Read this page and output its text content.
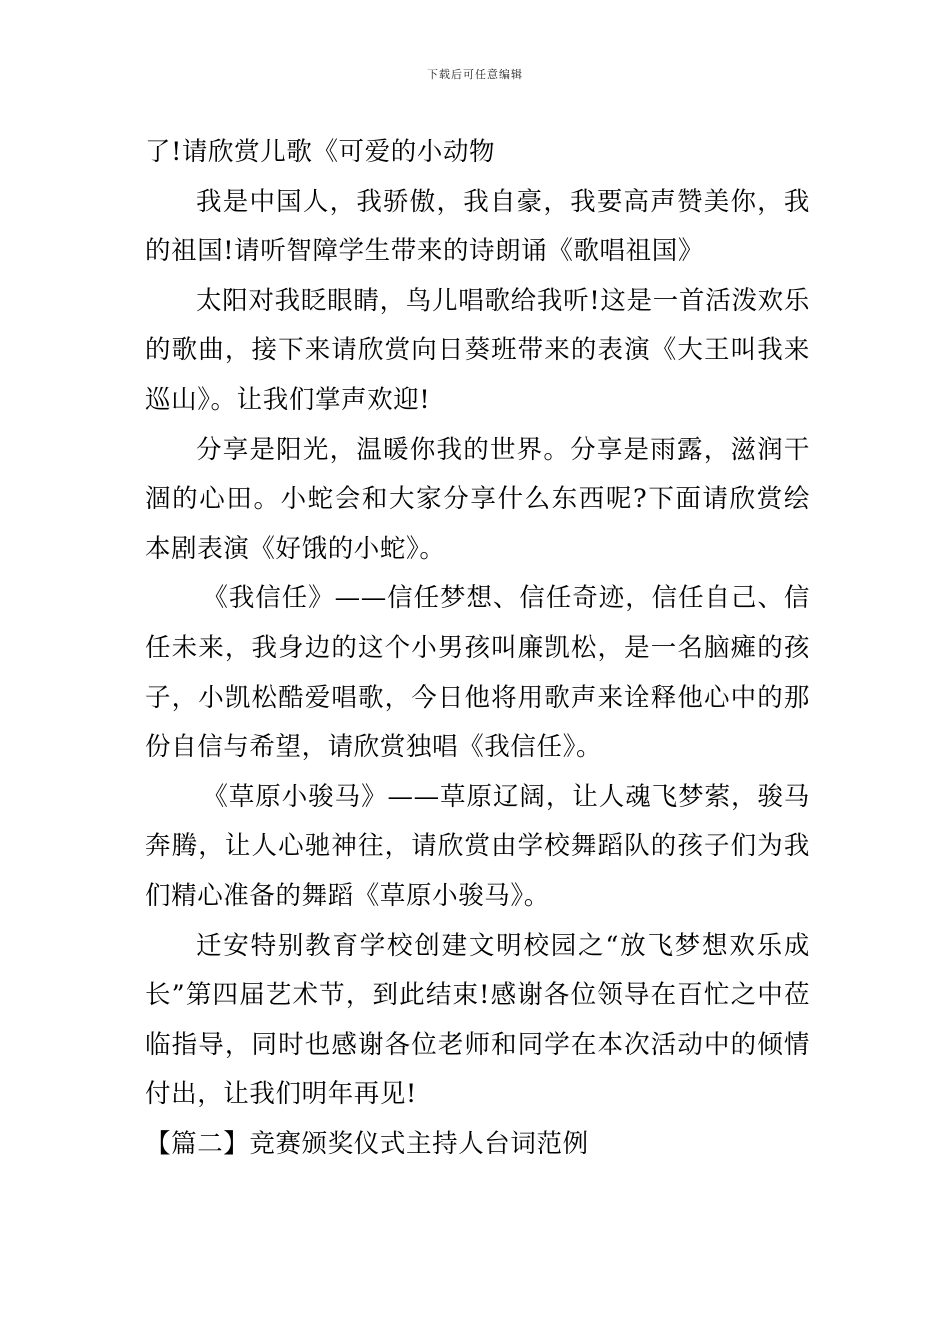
下载后可任意编辑

了!请欣赏儿歌《可爱的小动物

我是中国人，我骄傲，我自豪，我要高声赞美你，我的祖国!请听智障学生带来的诗朗诵《歌唱祖国》

太阳对我眨眼睛，鸟儿唱歌给我听!这是一首活泼欢乐的歌曲，接下来请欣赏向日葵班带来的表演《大王叫我来巡山》。让我们掌声欢迎!

分享是阳光，温暖你我的世界。分享是雨露，滋润干涸的心田。小蛇会和大家分享什么东西呢?下面请欣赏绘本剧表演《好饿的小蛇》。

《我信任》——信任梦想、信任奇迹，信任自己、信任未来，我身边的这个小男孩叫廉凯松，是一名脑瘫的孩子，小凯松酷爱唱歌，今日他将用歌声来诠释他心中的那份自信与希望，请欣赏独唱《我信任》。

《草原小骏马》——草原辽阔，让人魂飞梦萦，骏马奔腾，让人心驰神往，请欣赏由学校舞蹈队的孩子们为我们精心准备的舞蹈《草原小骏马》。

迁安特别教育学校创建文明校园之“放飞梦想欢乐成长”第四届艺术节，到此结束!感谢各位领导在百忙之中莅临指导，同时也感谢各位老师和同学在本次活动中的倾情付出，让我们明年再见!

【篇二】竞赛颁奖仪式主持人台词范例
